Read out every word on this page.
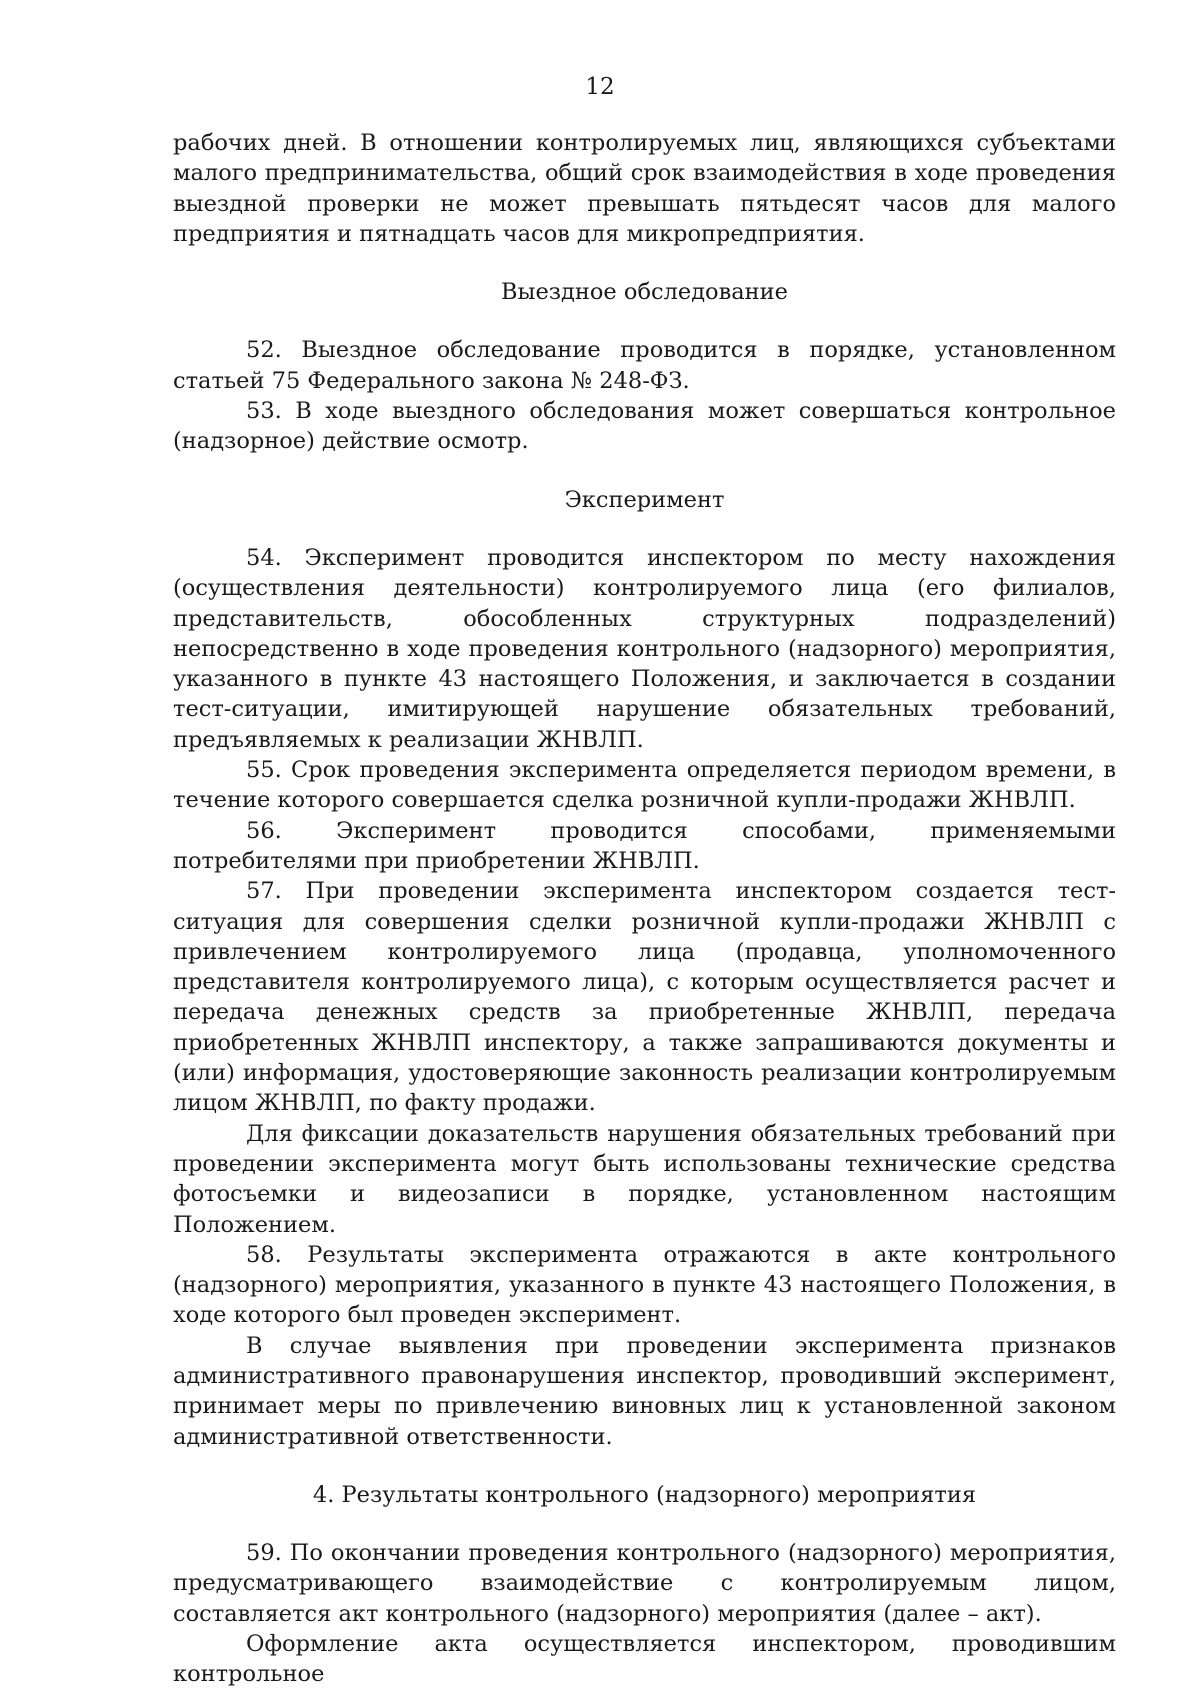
12

рабочих дней. В отношении контролируемых лиц, являющихся субъектами малого предпринимательства, общий срок взаимодействия в ходе проведения выездной проверки не может превышать пятьдесят часов для малого предприятия и пятнадцать часов для микропредприятия.

Выездное обследование

52. Выездное обследование проводится в порядке, установленном статьей 75 Федерального закона № 248-ФЗ.

53. В ходе выездного обследования может совершаться контрольное (надзорное) действие осмотр.

Эксперимент

54. Эксперимент проводится инспектором по месту нахождения (осуществления деятельности) контролируемого лица (его филиалов, представительств, обособленных структурных подразделений) непосредственно в ходе проведения контрольного (надзорного) мероприятия, указанного в пункте 43 настоящего Положения, и заключается в создании тест-ситуации, имитирующей нарушение обязательных требований, предъявляемых к реализации ЖНВЛП.

55. Срок проведения эксперимента определяется периодом времени, в течение которого совершается сделка розничной купли-продажи ЖНВЛП.

56. Эксперимент проводится способами, применяемыми потребителями при приобретении ЖНВЛП.

57. При проведении эксперимента инспектором создается тест-ситуация для совершения сделки розничной купли-продажи ЖНВЛП с привлечением контролируемого лица (продавца, уполномоченного представителя контролируемого лица), с которым осуществляется расчет и передача денежных средств за приобретенные ЖНВЛП, передача приобретенных ЖНВЛП инспектору, а также запрашиваются документы и (или) информация, удостоверяющие законность реализации контролируемым лицом ЖНВЛП, по факту продажи.

Для фиксации доказательств нарушения обязательных требований при проведении эксперимента могут быть использованы технические средства фотосъемки и видеозаписи в порядке, установленном настоящим Положением.

58. Результаты эксперимента отражаются в акте контрольного (надзорного) мероприятия, указанного в пункте 43 настоящего Положения, в ходе которого был проведен эксперимент.

В случае выявления при проведении эксперимента признаков административного правонарушения инспектор, проводивший эксперимент, принимает меры по привлечению виновных лиц к установленной законом административной ответственности.

4. Результаты контрольного (надзорного) мероприятия

59. По окончании проведения контрольного (надзорного) мероприятия, предусматривающего взаимодействие с контролируемым лицом, составляется акт контрольного (надзорного) мероприятия (далее – акт).

Оформление акта осуществляется инспектором, проводившим контрольное
